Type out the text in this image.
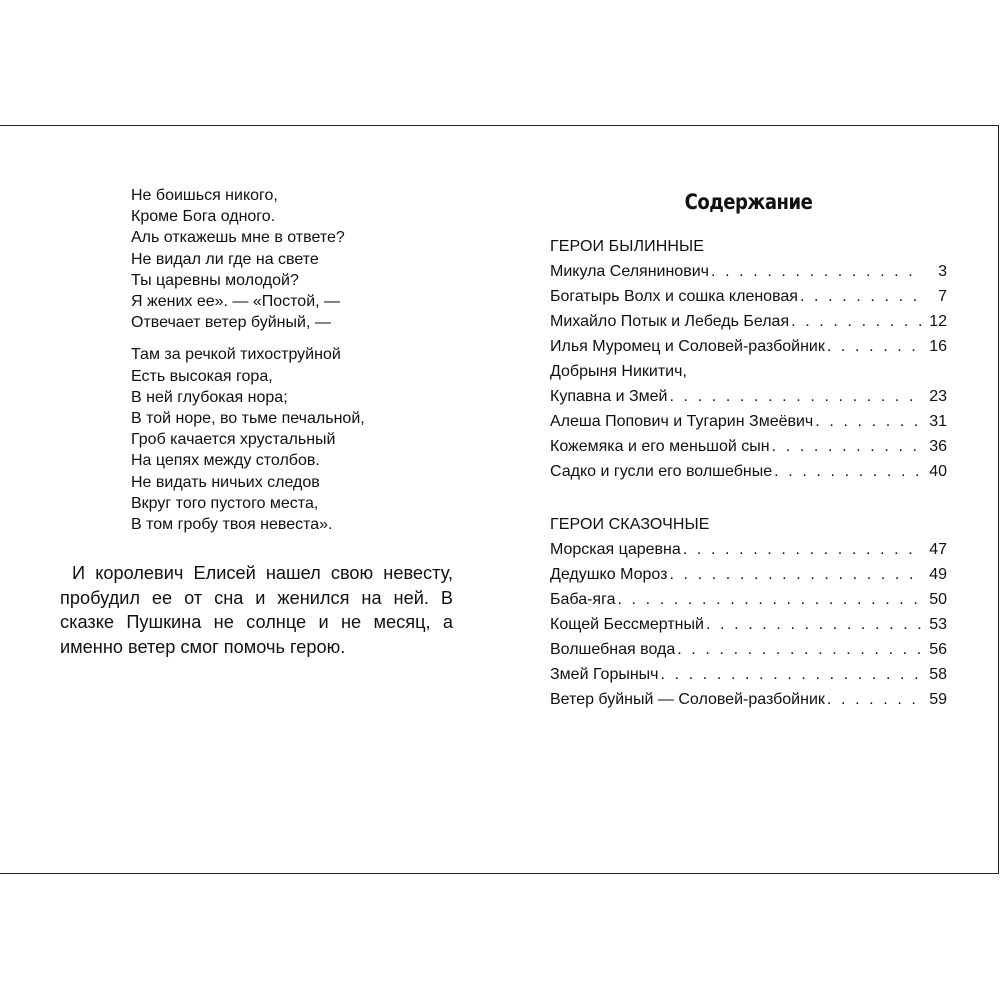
Не боишься никого,
Кроме Бога одного.
Аль откажешь мне в ответе?
Не видал ли где на свете
Ты царевны молодой?
Я жених ее». — «Постой, —
Отвечает ветер буйный, —
Там за речкой тихоструйной
Есть высокая гора,
В ней глубокая нора;
В той норе, во тьме печальной,
Гроб качается хрустальный
На цепях между столбов.
Не видать ничьих следов
Вкруг того пустого места,
В том гробу твоя невеста».

И королевич Елисей нашел свою невесту, пробудил ее от сна и женился на ней. В сказке Пушкина не солнце и не месяц, а именно ветер смог помочь герою.

Содержание
ГЕРОИ БЫЛИННЫЕ
Микула Селянинович . . .	3
Богатырь Волх и сошка кленовая . . .	7
Михайло Потык и Лебедь Белая . . .	12
Илья Муромец и Соловей-разбойник . . .	16
Добрыня Никитич,
Купавна и Змей . . .	23
Алеша Попович и Тугарин Змеёвич . . .	31
Кожемяка и его меньшой сын . . .	36
Садко и гусли его волшебные . . .	40
ГЕРОИ СКАЗОЧНЫЕ
Морская царевна . . .	47
Дедушко Мороз . . .	49
Баба-яга . . .	50
Кощей Бессмертный . . .	53
Волшебная вода . . .	56
Змей Горыныч . . .	58
Ветер буйный — Соловей-разбойник . . .	59
